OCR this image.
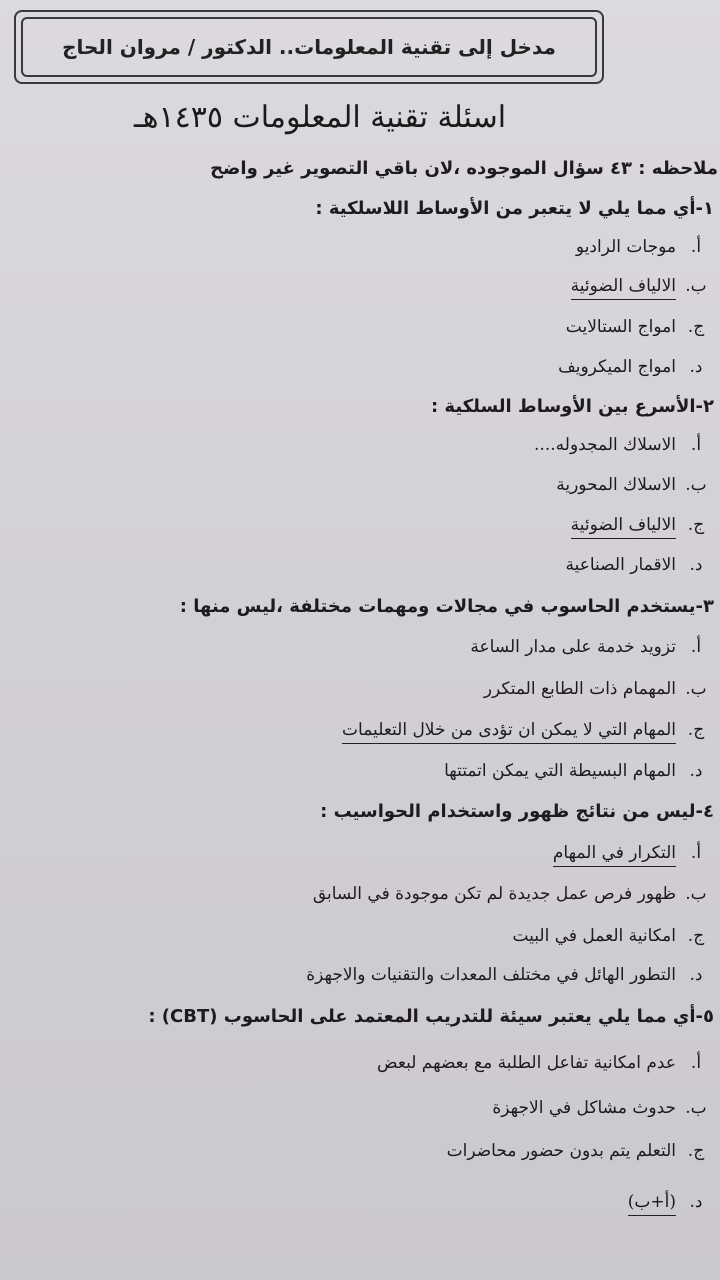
مدخل إلى تقنية المعلومات.. الدكتور / مروان الحاج
اسئلة تقنية المعلومات ١٤٣٥هـ
ملاحظه : ٤٣ سؤال الموجوده ،لان باقي التصوير غير واضح
١-أي مما يلي لا يتعبر من الأوساط اللاسلكية :
أ.موجات الراديو
ب.الالياف الضوئية
ج.امواج الستالايت
د.امواج الميكرويف
٢-الأسرع بين الأوساط السلكية :
أ.الاسلاك المجدوله....
ب.الاسلاك المحورية
ج.الالياف الضوئية
د.الاقمار الصناعية
٣-يستخدم الحاسوب في مجالات ومهمات مختلفة ،ليس منها :
أ.تزويد خدمة على مدار الساعة
ب.المهمام ذات الطابع المتكرر
ج.المهام التي لا يمكن ان تؤدى من خلال التعليمات
د.المهام البسيطة التي يمكن اتمتتها
٤-ليس من نتائج ظهور واستخدام الحواسيب :
أ.التكرار في المهام
ب.ظهور فرص عمل جديدة لم تكن موجودة في السابق
ج.امكانية العمل في البيت
د.التطور الهائل في مختلف المعدات والتقنيات والاجهزة
٥-أي مما يلي يعتبر سيئة للتدريب المعتمد على الحاسوب (CBT) :
أ.عدم امكانية تفاعل الطلبة مع بعضهم لبعض
ب.حدوث مشاكل في الاجهزة
ج.التعلم يتم بدون حضور محاضرات
د.(أ+ب)
